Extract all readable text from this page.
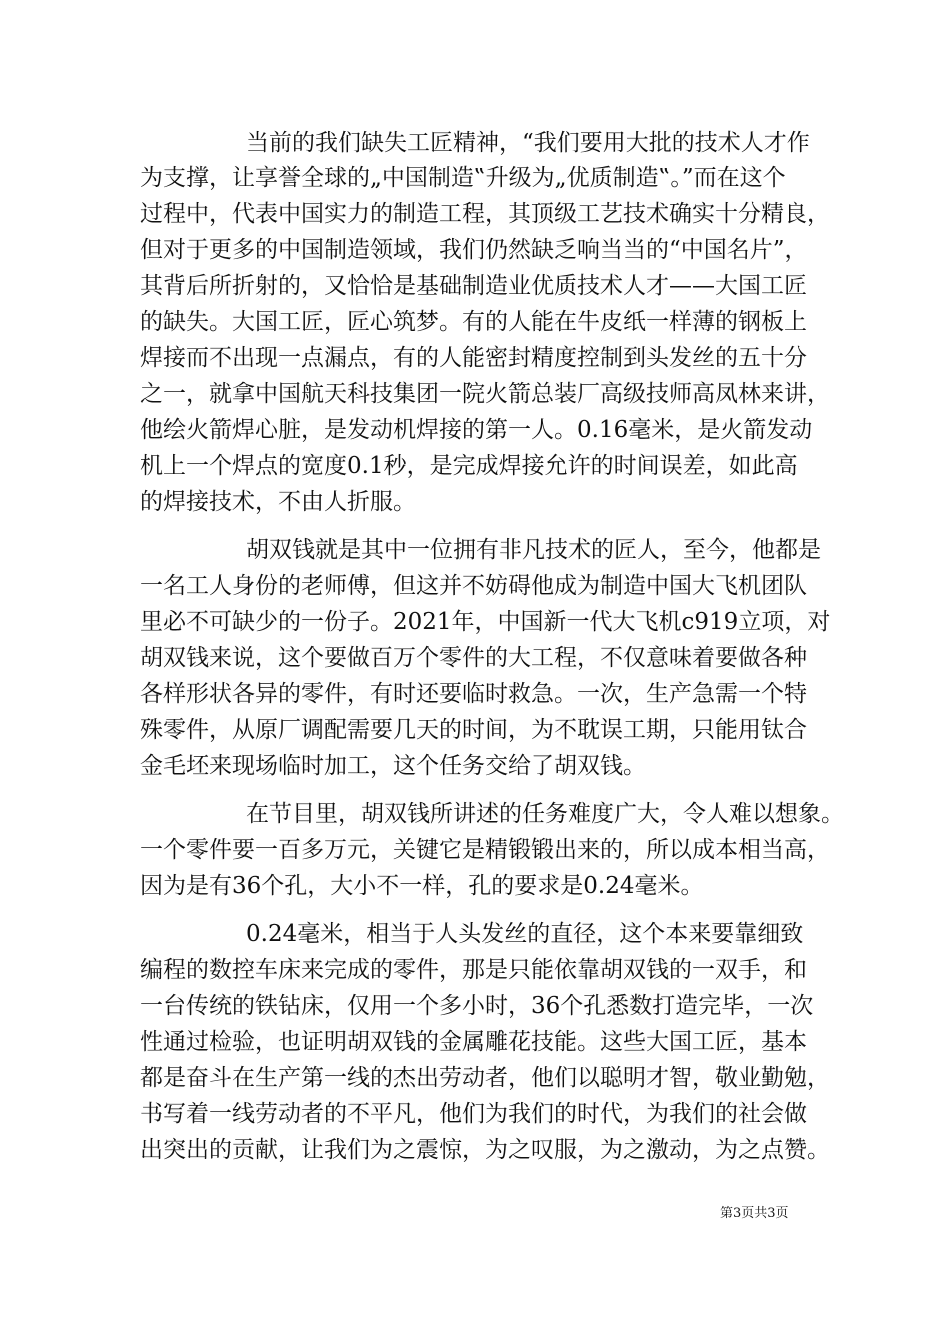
当前的我们缺失工匠精神，“我们要用大批的技术人才作
为支撑，让享誉全球的„中国制造‟升级为„优质制造‟。”而在这个
过程中，代表中国实力的制造工程，其顶级工艺技术确实十分精良，
但对于更多的中国制造领域，我们仍然缺乏响当当的“中国名片”，
其背后所折射的，又恰恰是基础制造业优质技术人才——大国工匠
的缺失。大国工匠，匠心筑梦。有的人能在牛皮纸一样薄的钢板上
焊接而不出现一点漏点，有的人能密封精度控制到头发丝的五十分
之一，就拿中国航天科技集团一院火箭总装厂高级技师高凤林来讲，
他绘火箭焊心脏，是发动机焊接的第一人。0.16毫米，是火箭发动
机上一个焊点的宽度0.1秒，是完成焊接允许的时间误差，如此高
的焊接技术，不由人折服。
胡双钱就是其中一位拥有非凡技术的匠人，至今，他都是
一名工人身份的老师傅，但这并不妨碍他成为制造中国大飞机团队
里必不可缺少的一份子。2021年，中国新一代大飞机c919立项，对
胡双钱来说，这个要做百万个零件的大工程，不仅意味着要做各种
各样形状各异的零件，有时还要临时救急。一次，生产急需一个特
殊零件，从原厂调配需要几天的时间，为不耽误工期，只能用钛合
金毛坯来现场临时加工，这个任务交给了胡双钱。
在节目里，胡双钱所讲述的任务难度广大，令人难以想象。
一个零件要一百多万元，关键它是精锻锻出来的，所以成本相当高，
因为是有36个孔，大小不一样，孔的要求是0.24毫米。
0.24毫米，相当于人头发丝的直径，这个本来要靠细致
编程的数控车床来完成的零件，那是只能依靠胡双钱的一双手，和
一台传统的铁钻床，仅用一个多小时，36个孔悉数打造完毕，一次
性通过检验，也证明胡双钱的金属雕花技能。这些大国工匠，基本
都是奋斗在生产第一线的杰出劳动者，他们以聪明才智，敬业勤勉，
书写着一线劳动者的不平凡，他们为我们的时代，为我们的社会做
出突出的贡献，让我们为之震惊，为之叹服，为之激动，为之点赞。
第3页共3页
